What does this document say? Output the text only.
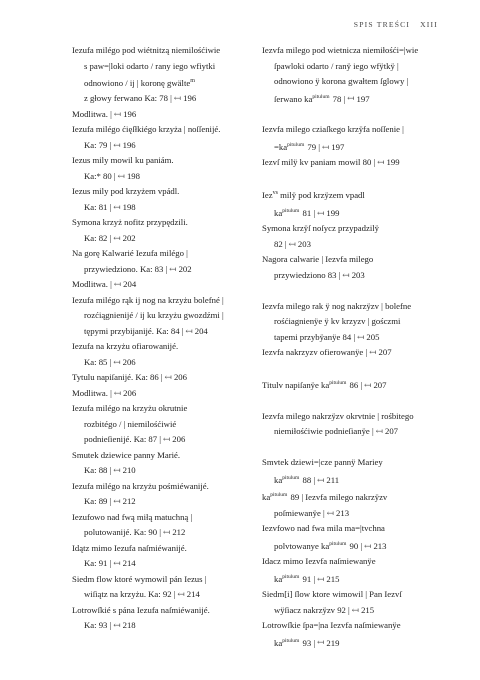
SPIS TREŚCI XIII
Iezufa milégo pod wiétnitzą niemilośćiwie
s paw=|loki odarto / rany iego wfiytki
odnowiono / ij | koronę gwälte$^m$
z głowy ferwano Ka: 78 | ↤ 196
Modlitwa. | ↤ 196
Iezufa milégo ćięſłkiégo krzyża | noſſenijé.
Ka: 79 | ↤ 196
Iezus mily mowil ku paniám.
Ka:* 80 | ↤ 198
Iezus mily pod krzyżem vpádl.
Ka: 81 | ↤ 198
Symona krzyż nofitz przypędzili.
Ka: 82 | ↤ 202
Na gorę Kalwarié Iezufa milégo |
przywiedziono. Ka: 83 | ↤ 202
Modlitwa. | ↤ 204
Iezufa milégo rąk ij nog na krzyżu bolefné |
rozćiągnienijé / ij ku krzyżu gwozdźmi |
tępymi przybijanijé. Ka: 84 | ↤ 204
Iezufa na krzyżu ofiarowanijé.
Ka: 85 | ↤ 206
Tytulu napiſanijé. Ka: 86 | ↤ 206
Modlitwa. | ↤ 206
Iezufa milégo na krzyżu okrutnie
rozbitégo / | niemilośćiwié
podnieſienijé. Ka: 87 | ↤ 206
Smutek dziewice panny Marié.
Ka: 88 | ↤ 210
Iezufa milégo na krzyżu pośmiéwanijé.
Ka: 89 | ↤ 212
Iezufowo nad fwą miłą matuchną |
polutowanijé. Ka: 90 | ↤ 212
Idątz mimo Iezufa naſmiéwanijé.
Ka: 91 | ↤ 214
Siedm flow ktoré wymowil pán Iezus |
wiſiątz na krzyżu. Ka: 92 | ↤ 214
Lotrowſkié s pána Iezufa naſmiéwanijé.
Ka: 93 | ↤ 218
Iezvfa milego pod wietnicza niemiłośći=|wie
ſpawloki odarto / ranÿ iego wfÿtkÿ |
odnowiono ÿ korona gwałtem ſglowy |
ſerwano $ka^{pitulum}$ 78 | ↤ 197
Iezvfa milego cziaſkego krzÿfa noſſenie |
$=ka^{pitulum}$ 79 | ↤ 197
Iezvſ milÿ kv paniam mowil 80 | ↤ 199
Iez$^{vs}$ milÿ pod krzÿzem vpadl
$ka^{pitulum}$ 81 | ↤ 199
Symona krzÿſ noſycz przypadzilÿ
82 | ↤ 203
Nagora calwarie | Iezvfa milego
przywiedziono 83 | ↤ 203
Iezvfa milego rak ÿ nog nakrzÿzv | bolefne
rośćiagnienÿe ÿ kv krzyzv | gośczmi
tapemi przybÿanÿe 84 | ↤ 205
Iezvfa nakrzyzv ofierowanÿe | ↤ 207
Titulv napiſanÿe $ka^{pitulum}$ 86 | ↤ 207
Iezvfa milego nakrzÿzv okrvtnie | rośbitego
niemiłośćiwie podnieſianÿe | ↤ 207
Smvtek dziewi=|cze pannÿ Mariey
$ka^{pitulum}$ 88 | ↤ 211
$ka^{pitulum}$ 89 | Iezvfa milego nakrzÿzv
poſmiewanÿe | ↤ 213
Iezvfowo nad fwa mila ma=|tvchna
polvtowanye $ka^{pitulum}$ 90 | ↤ 213
Idacz mimo Iezvfa naſmiewanÿe
$ka^{pitulum}$ 91 | ↤ 215
Siedm[i] ſlow ktore wimowil | Pan Iezvſ
wÿſiacz nakrzÿzv 92 | ↤ 215
Lotrowſkie ſpa=|na Iezvfa naſmiewanÿe
$ka^{pitulum}$ 93 | ↤ 219
